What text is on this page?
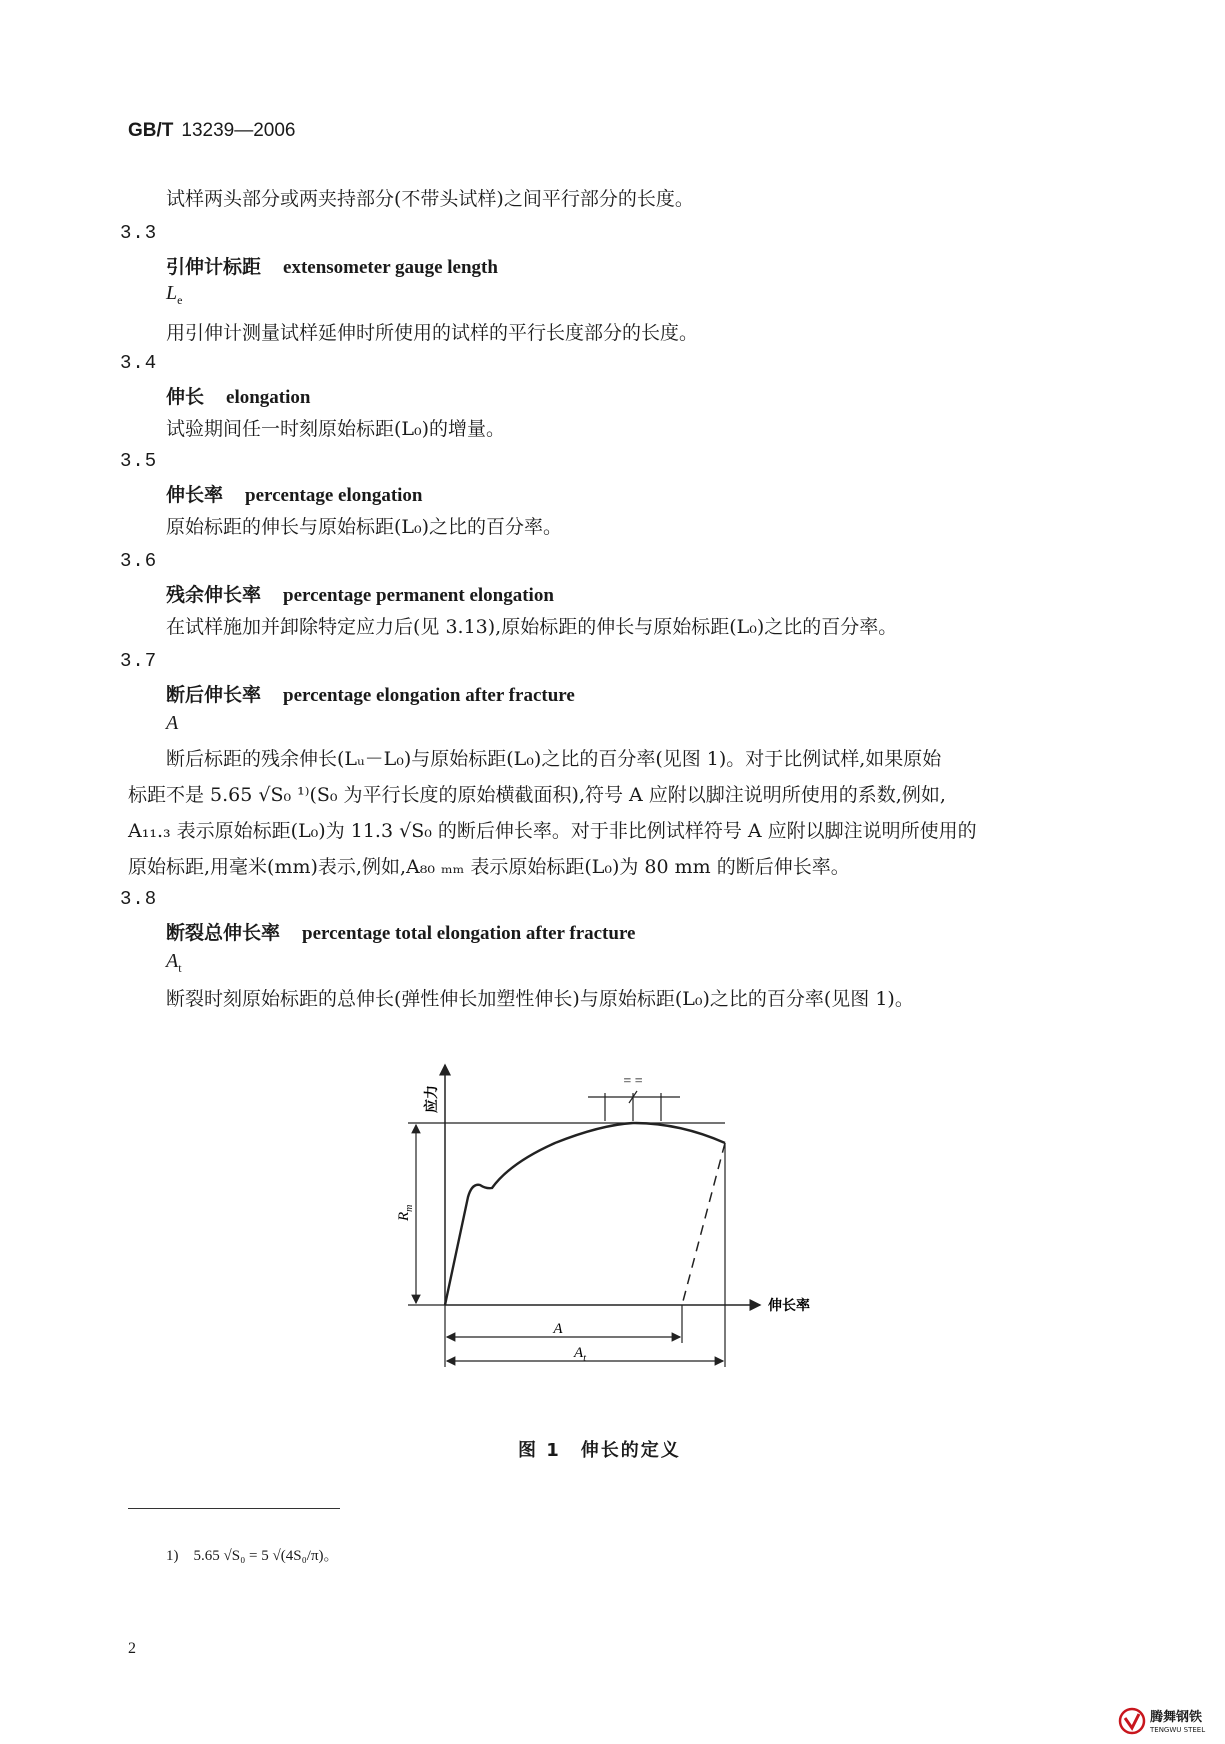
GB/T 13239—2006
试样两头部分或两夹持部分(不带头试样)之间平行部分的长度。
3.3
引伸计标距 extensometer gauge length
$L_e$
用引伸计测量试样延伸时所使用的试样的平行长度部分的长度。
3.4
伸长 elongation
试验期间任一时刻原始标距(L₀)的增量。
3.5
伸长率 percentage elongation
原始标距的伸长与原始标距(L₀)之比的百分率。
3.6
残余伸长率 percentage permanent elongation
在试样施加并卸除特定应力后(见 3.13),原始标距的伸长与原始标距(L₀)之比的百分率。
3.7
断后伸长率 percentage elongation after fracture
A
断后标距的残余伸长(Lᵤ－L₀)与原始标距(L₀)之比的百分率(见图 1)。对于比例试样,如果原始
标距不是 5.65 √S₀ ¹⁾(S₀ 为平行长度的原始横截面积),符号 A 应附以脚注说明所使用的系数,例如,
A₁₁.₃ 表示原始标距(L₀)为 11.3 √S₀ 的断后伸长率。对于非比例试样符号 A 应附以脚注说明所使用的
原始标距,用毫米(mm)表示,例如,A₈₀ ₘₘ 表示原始标距(L₀)为 80 mm 的断后伸长率。
3.8
断裂总伸长率 percentage total elongation after fracture
$A_t$
断裂时刻原始标距的总伸长(弹性伸长加塑性伸长)与原始标距(L₀)之比的百分率(见图 1)。
= =
应力
伸长率
$R_m$
A
$A_t$
图 1　伸长的定义
1)　5.65 √S₀ = 5 √(4S₀/π)。
2
腾舞钢铁
TENGWU STEEL
